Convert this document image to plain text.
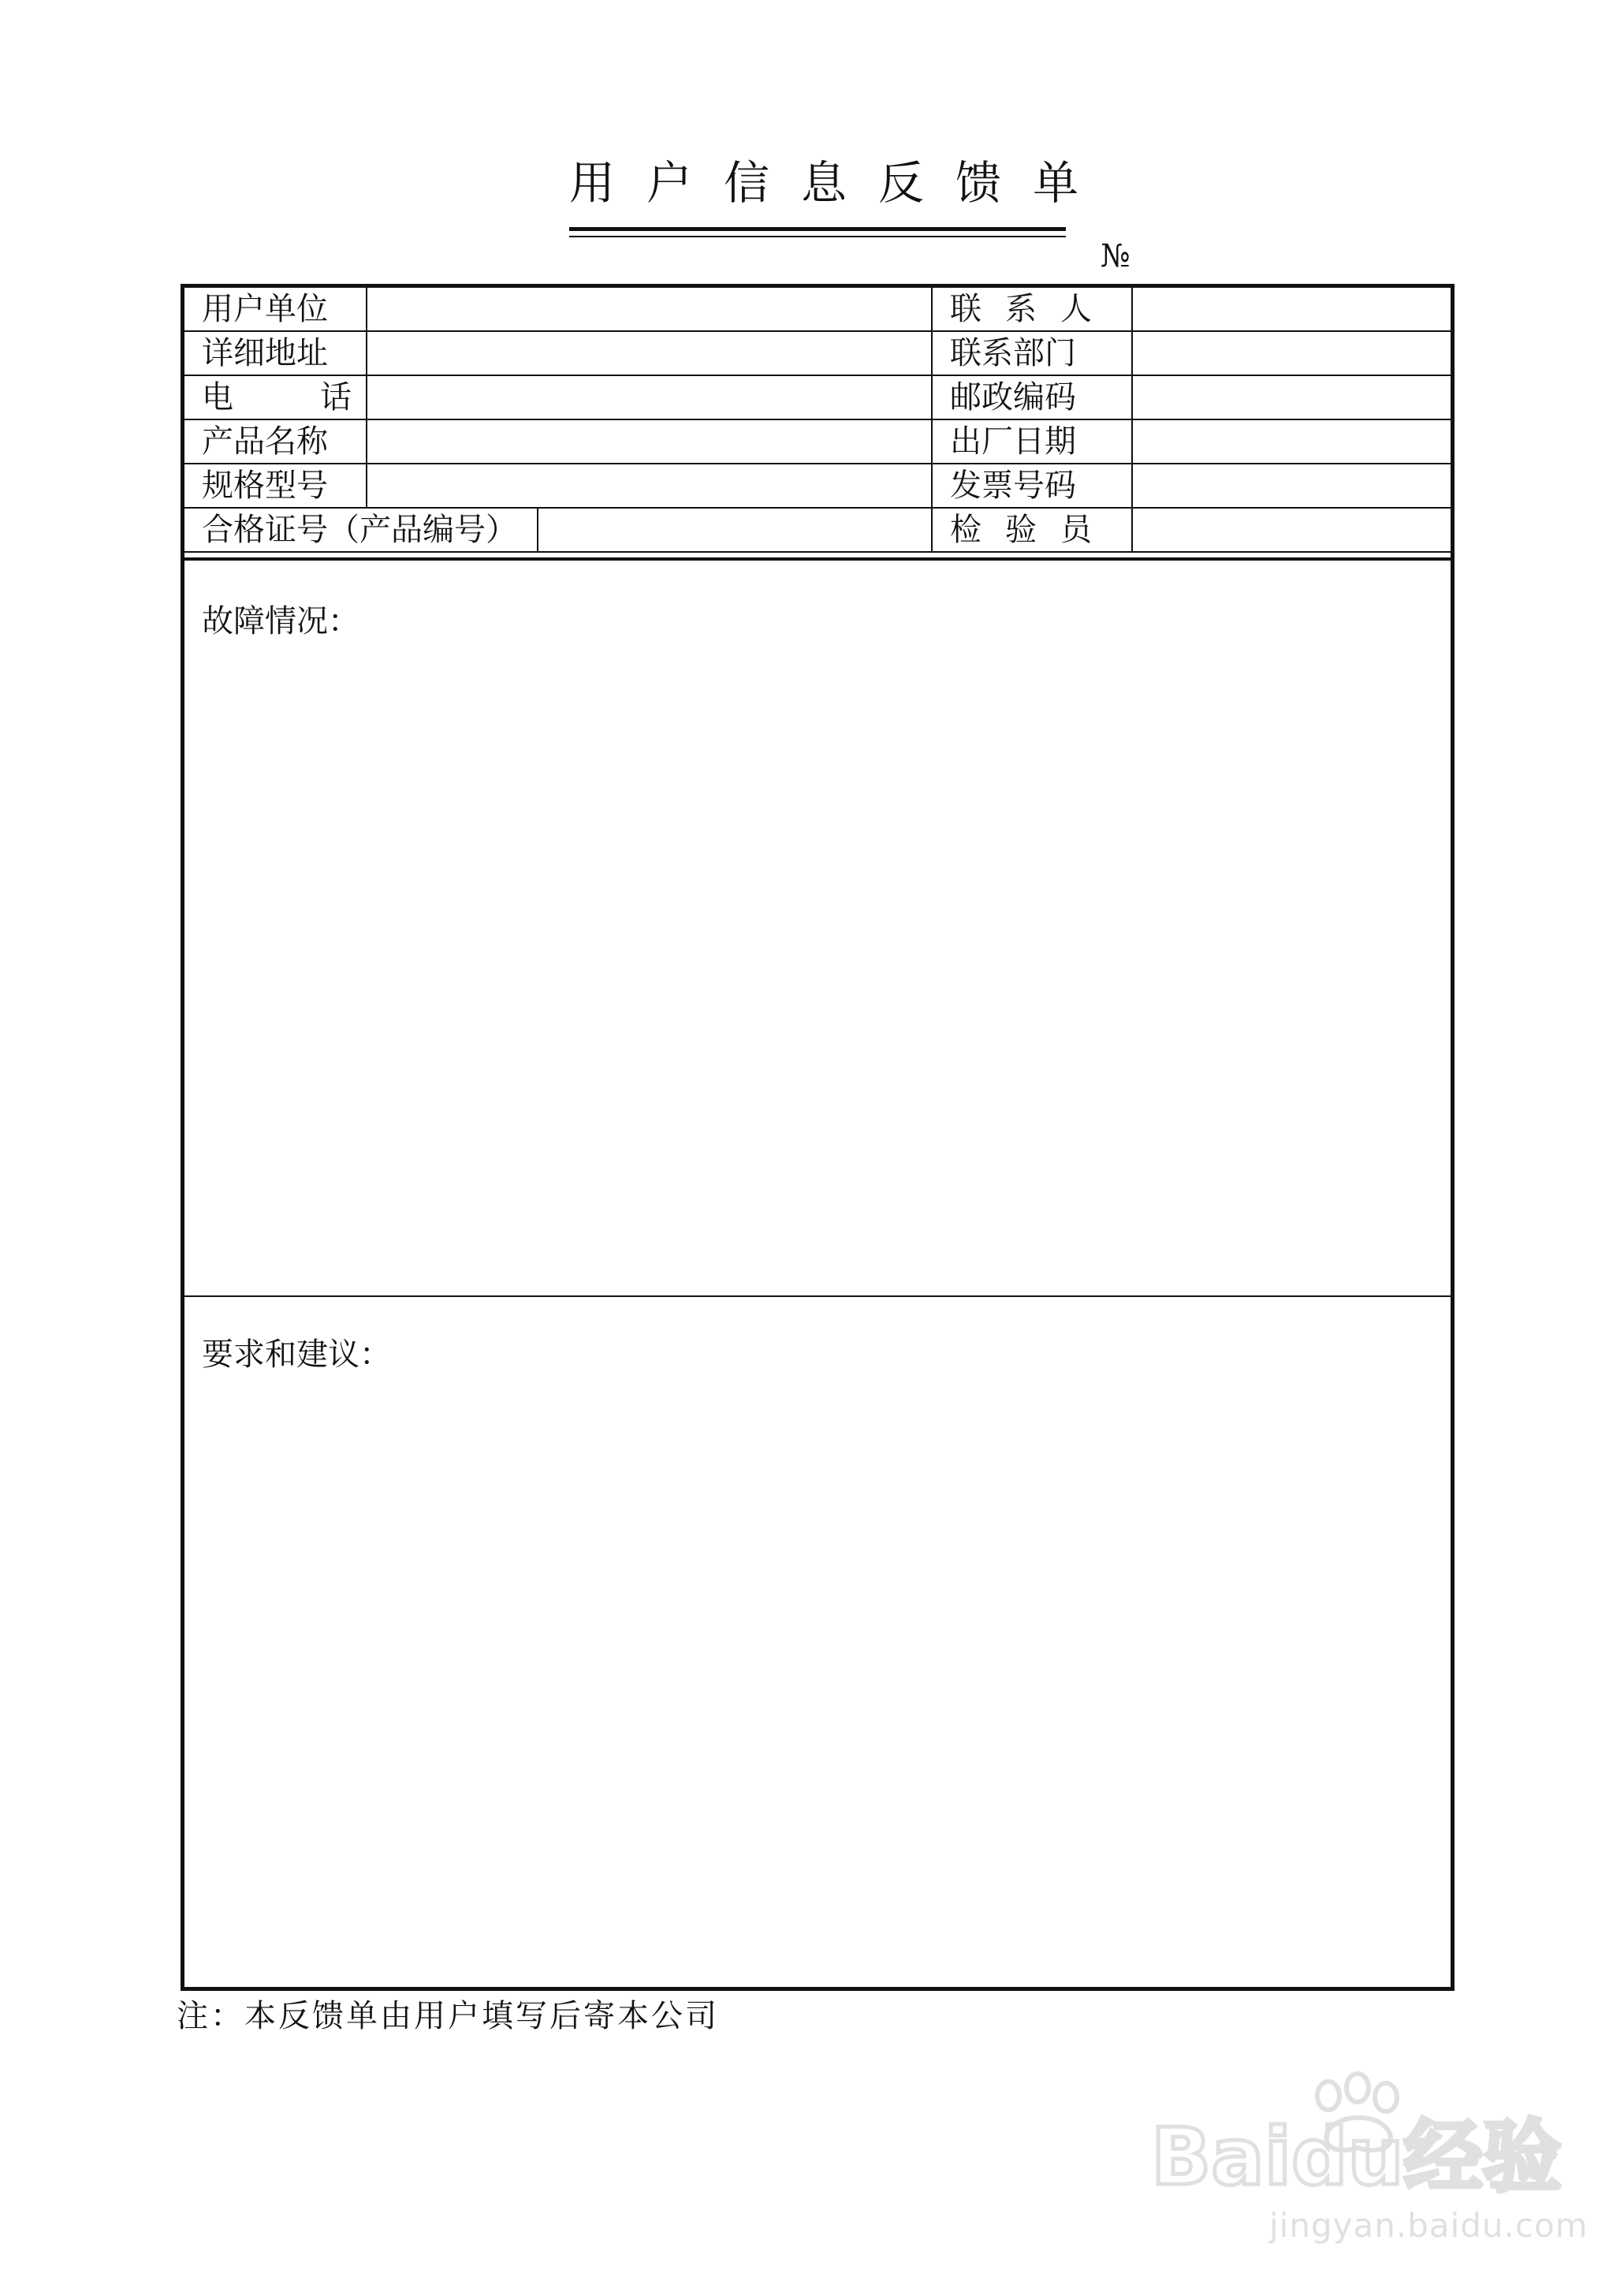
用户信息反馈单
№
用户单位			联系人	
详细地址			联系部门	
电话			邮政编码	
产品名称			出厂日期	
规格型号			发票号码	
合格证号（产品编号）			检验员	
故障情况：
要求和建议：
注：本反馈单由用户填写后寄本公司
Baidu经验
jingyan.baidu.com
